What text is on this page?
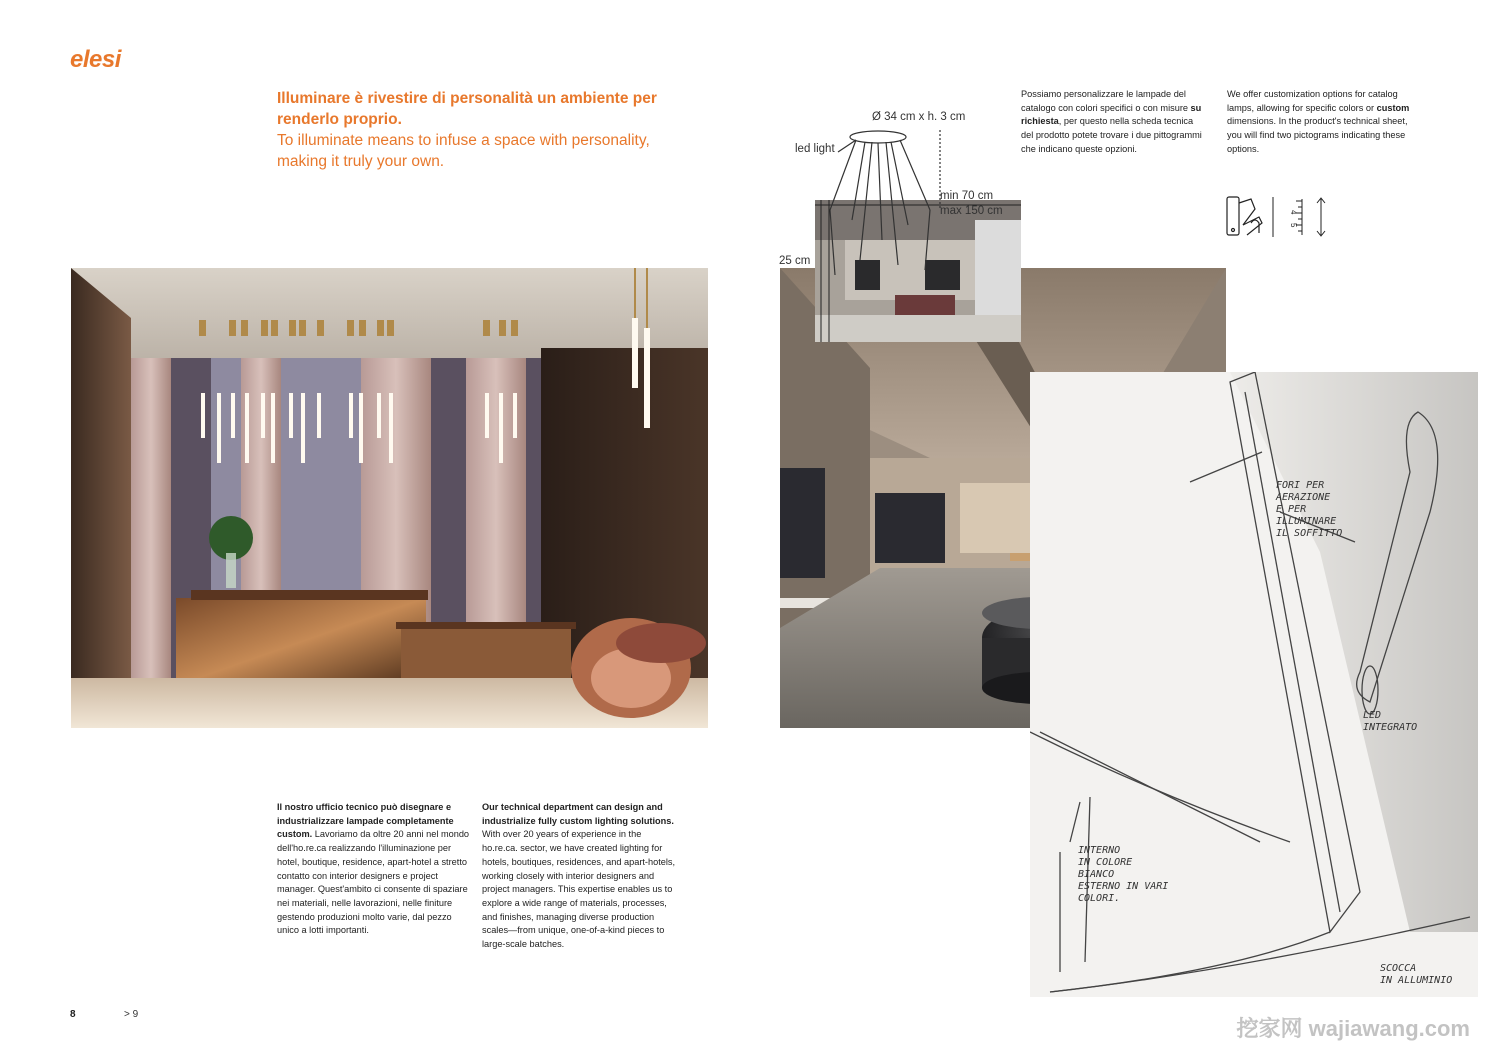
elesi
Illuminare è rivestire di personalità un ambiente per renderlo proprio.
To illuminate means to infuse a space with personality, making it truly your own.

Ø 34 cm x h. 3 cm
led light
min 70 cm
max 150 cm
25 cm
Possiamo personalizzare le lampade del catalogo con colori specifici o con misure su richiesta, per questo nella scheda tecnica del prodotto potete trovare i due pittogrammi che indicano queste opzioni.
We offer customization options for catalog lamps, allowing for specific colors or custom dimensions. In the product's technical sheet, you will find two pictograms indicating these options.
4
5
FORI PER
AERAZIONE
E PER
ILLUMINARE
IL SOFFITTO
LED
INTEGRATO
INTERNO
IN COLORE
BIANCO
ESTERNO IN VARI
COLORI.
SCOCCA
IN ALLUMINIO
Il nostro ufficio tecnico può disegnare e industrializzare lampade completamente custom. Lavoriamo da oltre 20 anni nel mondo dell'ho.re.ca realizzando l'illuminazione per hotel, boutique, residence, apart-hotel a stretto contatto con interior designers e project manager. Quest'ambito ci consente di spaziare nei materiali, nelle lavorazioni, nelle finiture gestendo produzioni molto varie, dal pezzo unico a lotti importanti.
Our technical department can design and industrialize fully custom lighting solutions. With over 20 years of experience in the ho.re.ca. sector, we have created lighting for hotels, boutiques, residences, and apart-hotels, working closely with interior designers and project managers. This expertise enables us to explore a wide range of materials, processes, and finishes, managing diverse production scales—from unique, one-of-a-kind pieces to large-scale batches.
8	> 9
挖家网 wajiawang.com
